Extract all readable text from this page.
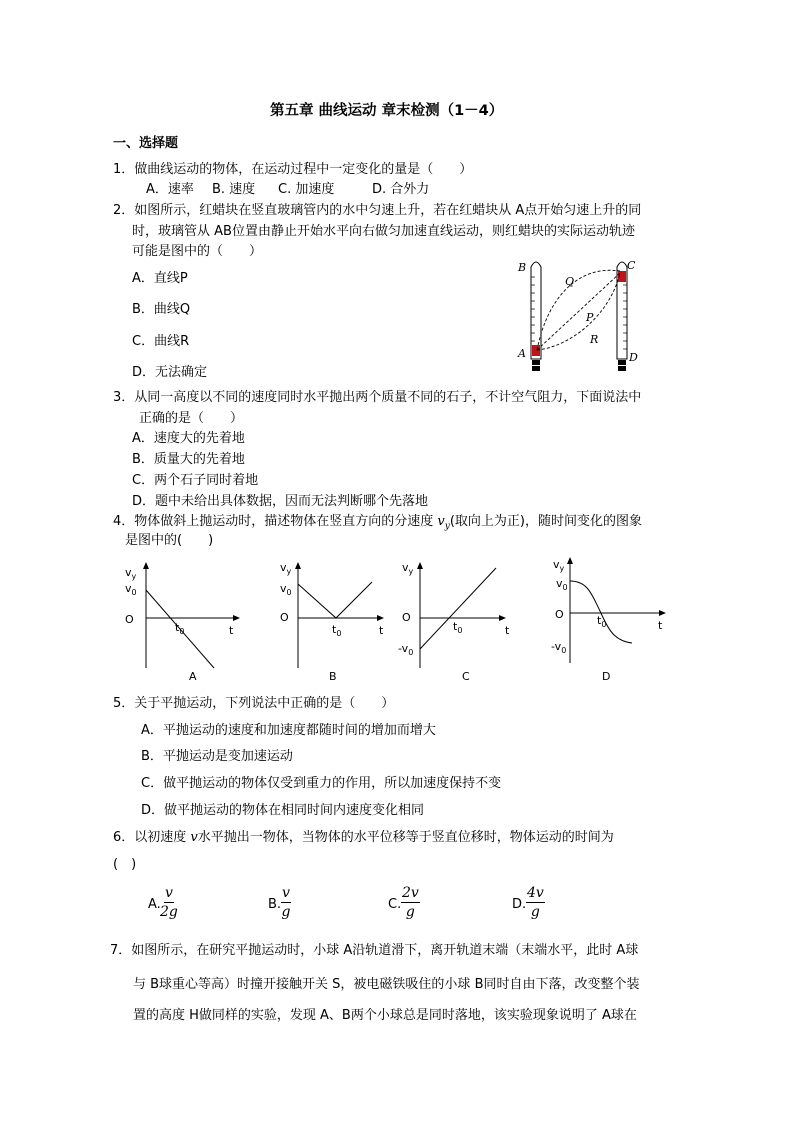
第五章 曲线运动 章末检测（1－4）
一、选择题
1．做曲线运动的物体，在运动过程中一定变化的量是（　　）
A．速率 B. 速度 C. 加速度	D. 合外力
2．如图所示，红蜡块在竖直玻璃管内的水中匀速上升，若在红蜡块从 A点开始匀速上升的同
时，玻璃管从 AB位置由静止开始水平向右做匀加速直线运动，则红蜡块的实际运动轨迹
可能是图中的（　　）
A．直线P
B．曲线Q
C．曲线R
D．无法确定
B	C
Q
P
R
A	D
3．从同一高度以不同的速度同时水平抛出两个质量不同的石子，不计空气阻力，下面说法中
正确的是（　　）
A．速度大的先着地
B．质量大的先着地
C．两个石子同时着地
D．题中未给出具体数据，因而无法判断哪个先落地
4．物体做斜上抛运动时，描述物体在竖直方向的分速度 $v_y$(取向上为正)，随时间变化的图象
是图中的(　　)
$v_y$
$v_0$
O
$t_0$	t
A
$v_y$
$v_0$
O
$t_0$	t
B
$v_y$
O
$t_0$	t
$-v_0$
C
$v_y$
$v_0$
O	$t_0$	t
$-v_0$
D
5．关于平抛运动，下列说法中正确的是（　　）
A．平抛运动的速度和加速度都随时间的增加而增大
B．平抛运动是变加速运动
C．做平抛运动的物体仅受到重力的作用，所以加速度保持不变
D．做平抛运动的物体在相同时间内速度变化相同
6．以初速度 v水平抛出一物体，当物体的水平位移等于竖直位移时，物体运动的时间为
(　)
A. $\frac{v}{2g}$	B. $\frac{v}{g}$	C. $\frac{2v}{g}$	D. $\frac{4v}{g}$
7．如图所示，在研究平抛运动时，小球 A沿轨道滑下，离开轨道末端（末端水平，此时 A球
与 B球重心等高）时撞开接触开关 S，被电磁铁吸住的小球 B同时自由下落，改变整个装
置的高度 H做同样的实验，发现 A、B两个小球总是同时落地，该实验现象说明了 A球在
